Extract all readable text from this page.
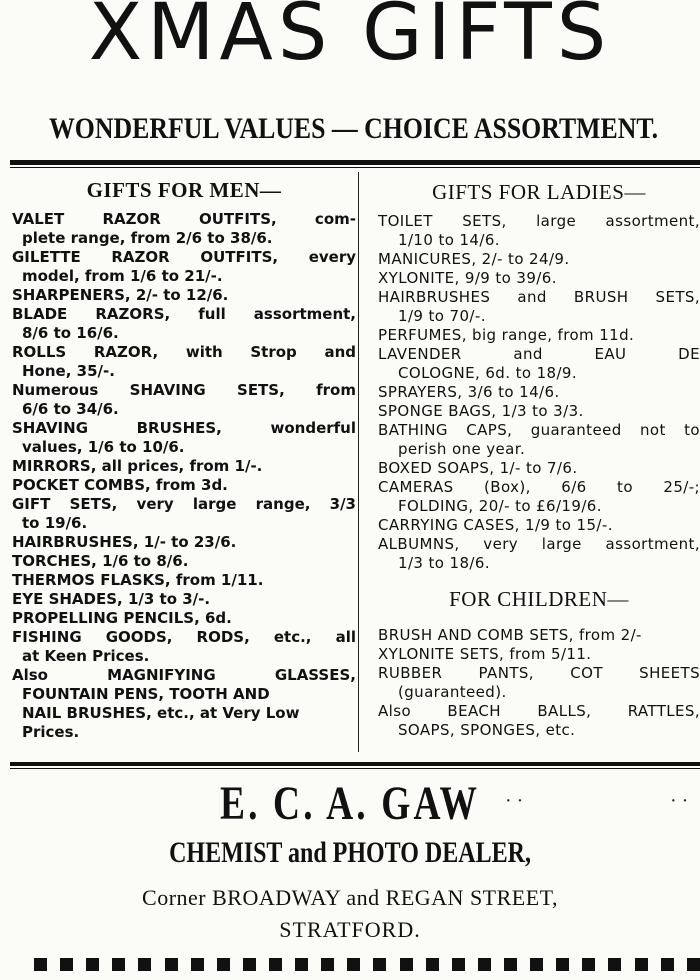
XMAS GIFTS
WONDERFUL VALUES — CHOICE ASSORTMENT.
GIFTS FOR MEN—

VALET RAZOR OUTFITS, com-
plete range, from 2/6 to 38/6.

GILETTE RAZOR OUTFITS, every
model, from 1/6 to 21/-.

SHARPENERS, 2/- to 12/6.

BLADE RAZORS, full assortment,
8/6 to 16/6.

ROLLS RAZOR, with Strop and
Hone, 35/-.

Numerous SHAVING SETS, from
6/6 to 34/6.

SHAVING BRUSHES, wonderful
values, 1/6 to 10/6.

MIRRORS, all prices, from 1/-.

POCKET COMBS, from 3d.

GIFT SETS, very large range, 3/3
to 19/6.

HAIRBRUSHES, 1/- to 23/6.

TORCHES, 1/6 to 8/6.

THERMOS FLASKS, from 1/11.

EYE SHADES, 1/3 to 3/-.

PROPELLING PENCILS, 6d.

FISHING GOODS, RODS, etc., all
at Keen Prices.

Also MAGNIFYING GLASSES,
FOUNTAIN PENS, TOOTH AND
NAIL BRUSHES, etc., at Very Low
Prices.

GIFTS FOR LADIES—

TOILET SETS, large assortment,
1/10 to 14/6.

MANICURES, 2/- to 24/9.

XYLONITE, 9/9 to 39/6.

HAIRBRUSHES and BRUSH SETS,
1/9 to 70/-.

PERFUMES, big range, from 11d.

LAVENDER and EAU DE
COLOGNE, 6d. to 18/9.

SPRAYERS, 3/6 to 14/6.

SPONGE BAGS, 1/3 to 3/3.

BATHING CAPS, guaranteed not to
perish one year.

BOXED SOAPS, 1/- to 7/6.

CAMERAS (Box), 6/6 to 25/-;
FOLDING, 20/- to £6/19/6.

CARRYING CASES, 1/9 to 15/-.

ALBUMNS, very large assortment,
1/3 to 18/6.

FOR CHILDREN—

BRUSH AND COMB SETS, from 2/-

XYLONITE SETS, from 5/11.

RUBBER PANTS, COT SHEETS
(guaranteed).

Also BEACH BALLS, RATTLES,
SOAPS, SPONGES, etc.

E. C. A. GAW	· ·	· ·
CHEMIST and PHOTO DEALER,
Corner BROADWAY and REGAN STREET,
STRATFORD.
